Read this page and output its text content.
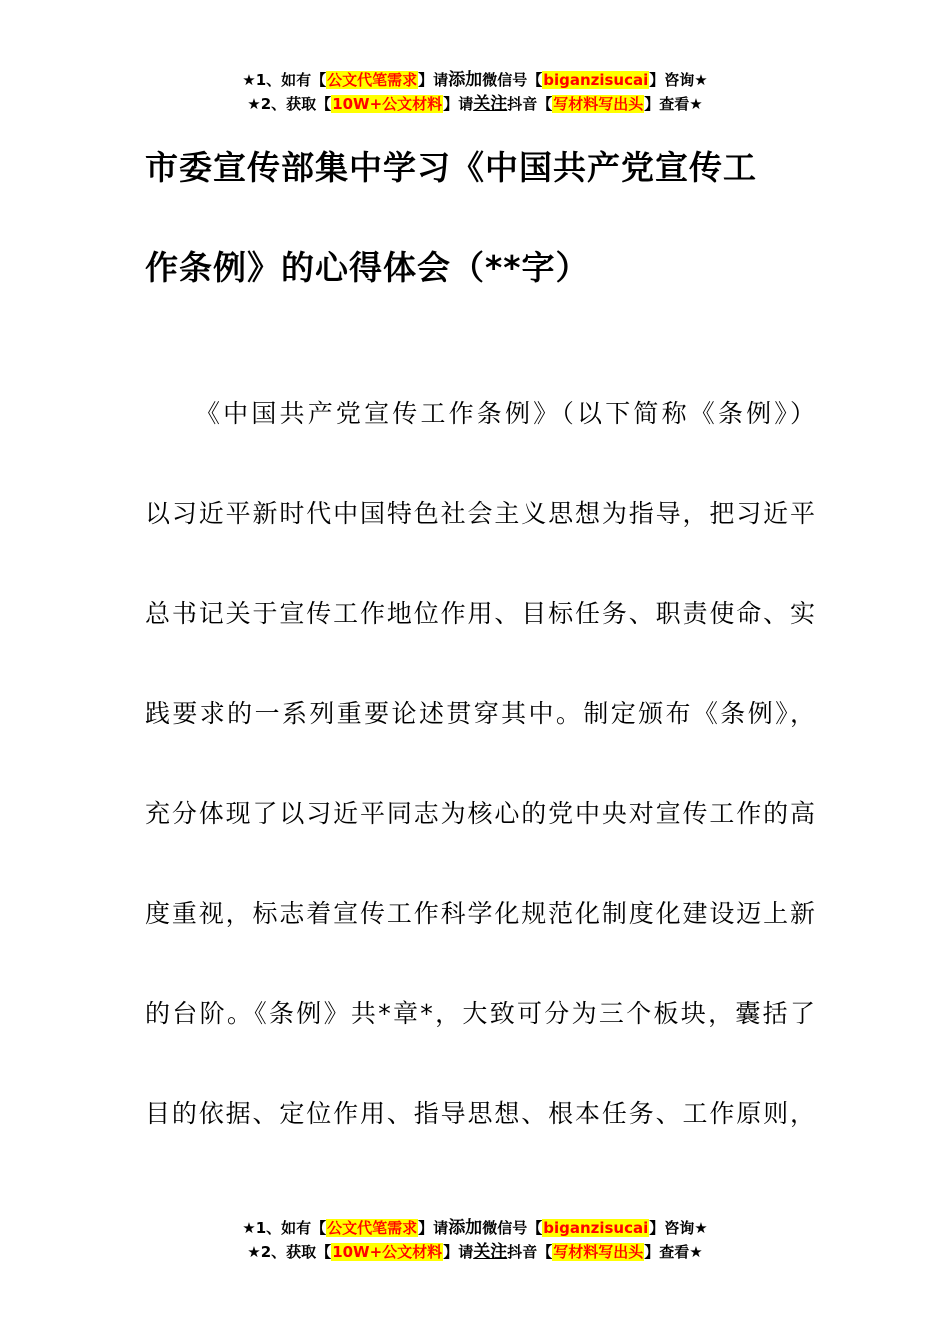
★1、如有【公文代笔需求】请添加微信号【biganzisucai】咨询★
★2、获取【10W+公文材料】请关注抖音【写材料写出头】查看★
市委宣传部集中学习《中国共产党宣传工
作条例》的心得体会（**字）
《中国共产党宣传工作条例》（以下简称《条例》）
以习近平新时代中国特色社会主义思想为指导，把习近平
总书记关于宣传工作地位作用、目标任务、职责使命、实
践要求的一系列重要论述贯穿其中。制定颁布《条例》，
充分体现了以习近平同志为核心的党中央对宣传工作的高
度重视，标志着宣传工作科学化规范化制度化建设迈上新
的台阶。《条例》共*章*，大致可分为三个板块，囊括了
目的依据、定位作用、指导思想、根本任务、工作原则，
★1、如有【公文代笔需求】请添加微信号【biganzisucai】咨询★
★2、获取【10W+公文材料】请关注抖音【写材料写出头】查看★
